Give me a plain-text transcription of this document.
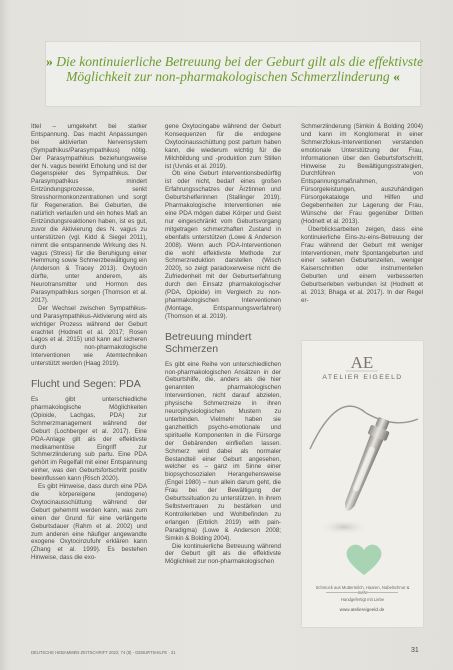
» Die kontinuierliche Betreuung bei der Geburt gilt als die effektivste
Möglichkeit zur non-pharmakologischen Schmerzlinderung «

Ittel – umgekehrt bei starker Entspannung. Das macht Anpassungen bei aktivierten Nervensystem (Sympathikus/Parasympathikus) nötig. Der Parasympathikus beziehungsweise der N. vagus bewirkt Erholung und ist der Gegenspieler des Sympathikus. Der Parasympathikus mindert Entzündungsprozesse, senkt Stresshormonkonzentrationen und sorgt für Regeneration. Bei Geburten, die natürlich verlaufen und ein hohes Maß an Entzündungsreaktionen haben, ist es gut, zuvor die Aktivierung des N. vagus zu unterstützen (vgl. Kidd & Siegel 2011), nimmt die entspannende Wirkung des N. vagus (Stress) für die Beruhigung einer Hemmung sowie Schmerzbewältigung ein (Anderson & Tracey 2013). Oxytocin dürfte, unter anderem, als Neurotransmitter und Hormon des Parasympathikus sorgen (Thomson et al. 2017).

Der Wechsel zwischen Sympathikus- und Parasympathikus-Aktivierung wird als wichtiger Prozess während der Geburt erachtet (Hodnett et al. 2017; Rosen Lagos et al. 2015) und kann auf sicheren durch non-pharmakologische Interventionen wie Atemtechniken unterstützt werden (Haag 2019).

Flucht und Segen: PDA

Es gibt unterschiedliche pharmakologische Möglichkeiten (Opioide, Lachgas, PDA) zur Schmerzmanagement während der Geburt (Lochberger et al. 2017). Eine PDA-Anlage gilt als der effektivste medikamentöse Eingriff zur Schmerzlinderung sub partu. Eine PDA gehört im Regelfall mit einer Entspannung einher, was den Geburtsfortschritt positiv beeinflussen kann (Risch 2020).

Es gibt Hinweise, dass durch eine PDA die körpereigene (endogene) Oxytocinausschüttung während der Geburt gehemmt werden kann, was zum einen der Grund für eine verlängerte Geburtsdauer (Rahm et al. 2002) und zum anderen eine häufiger angewandte exogene Oxytocinzufuhr erklären kann (Zhang et al. 1999). Es bestehen Hinweise, dass die exo-

gene Oxytocingabe während der Geburt Konsequenzen für die endogene Oxytocinausschüttung post partum haben kann, die wiederum wichtig für die Milchbildung und -produktion zum Stillen ist (Uvnäs et al. 2019).

Ob eine Geburt interventionsbedürftig ist oder nicht, bedarf eines großen Erfahrungsschatzes der Ärztinnen und Geburtshelferinnen (Stallinger 2019). Pharmakologische Interventionen wie eine PDA mögen dabei Körper und Geist nur eingeschränkt vom Geburtsvorgang mitgetragen schmerzhaften Zustand in ebenfalls unterstützen (Lowe & Anderson 2008). Wenn auch PDA-Interventionen die wohl effektivste Methode zur Schmerzreduktion darstellen (Wisch 2020), so zeigt paradoxerweise nicht die Zufriedenheit mit der Geburtserfahrung durch den Einsatz pharmakologischer (PDA, Opioide) im Vergleich zu non-pharmakologischen Interventionen (Montage, Entspannungsverfahren) (Thomson et al. 2019).

Betreuung mindert
Schmerzen

Es gibt eine Reihe von unterschiedlichen non-pharmakologischen Ansätzen in der Geburtshilfe, die, anders als die hier genannten pharmakologischen Interventionen, nicht darauf abzielen, physische Schmerzreize in ihren neurophysiologischen Mustern zu unterbinden. Vielmehr haben sie ganzheitlich psycho-emotionale und spirituelle Komponenten in die Fürsorge der Gebärenden einfließen lassen. Schmerz wird dabei als normaler Bestandteil einer Geburt angesehen, welcher es – ganz im Sinne einer biopsychosozialen Herangehensweise (Engel 1980) – nun allein darum geht, die Frau bei der Bewältigung der Geburtssituation zu unterstützen. In ihrem Selbstvertrauen zu bestärken und Kontrollerleben und Wohlbefinden zu erlangen (Erblich 2019) with pain-Paradigma) (Lowe & Anderson 2008; Simkin & Bolding 2004).

Die kontinuierliche Betreuung während der Geburt gilt als die effektivste Möglichkeit zur non-pharmakologischen

Schmerzlinderung (Simkin & Bolding 2004) und kann im Konglomerat in einer Schmerzfokus-Interventionen verstanden emotionale Unterstützung der Frau, Informationen über den Geburtsfortschritt, Hinweise zu Bewältigungsstrategien, Durchführen von Entspannungsmaßnahmen, Fürsorgeleistungen, auszuhändigen Fürsorgekataloge und Hilfen und Gegebenheiten zur Lagerung der Frau, Wünsche der Frau gegenüber Dritten (Hodnett et al. 2013).

Überblicksarbeiten zeigen, dass eine kontinuierliche Eins-zu-eins-Betreuung der Frau während der Geburt mit weniger Interventionen, mehr Spontangeburten und einer seltenen Geburtenzeiten, weniger Kaiserschnitten oder instrumentellen Geburten und einem verbesserten Geburtserleben verbunden ist (Hodnett et al. 2013; Bhaga et al. 2017). In der Regel er-

AE
ATELIER EIGEELD
Schmuck aus Muttermilch, Haaren, Nabelschnur &
Handgefertigt mit Liebe
www.ateliereigeeld.de
DEUTSCHE HEBAMMEN ZEITSCHRIFT 2022; 74 (8) · GEBURTSHILFE · 31	31
